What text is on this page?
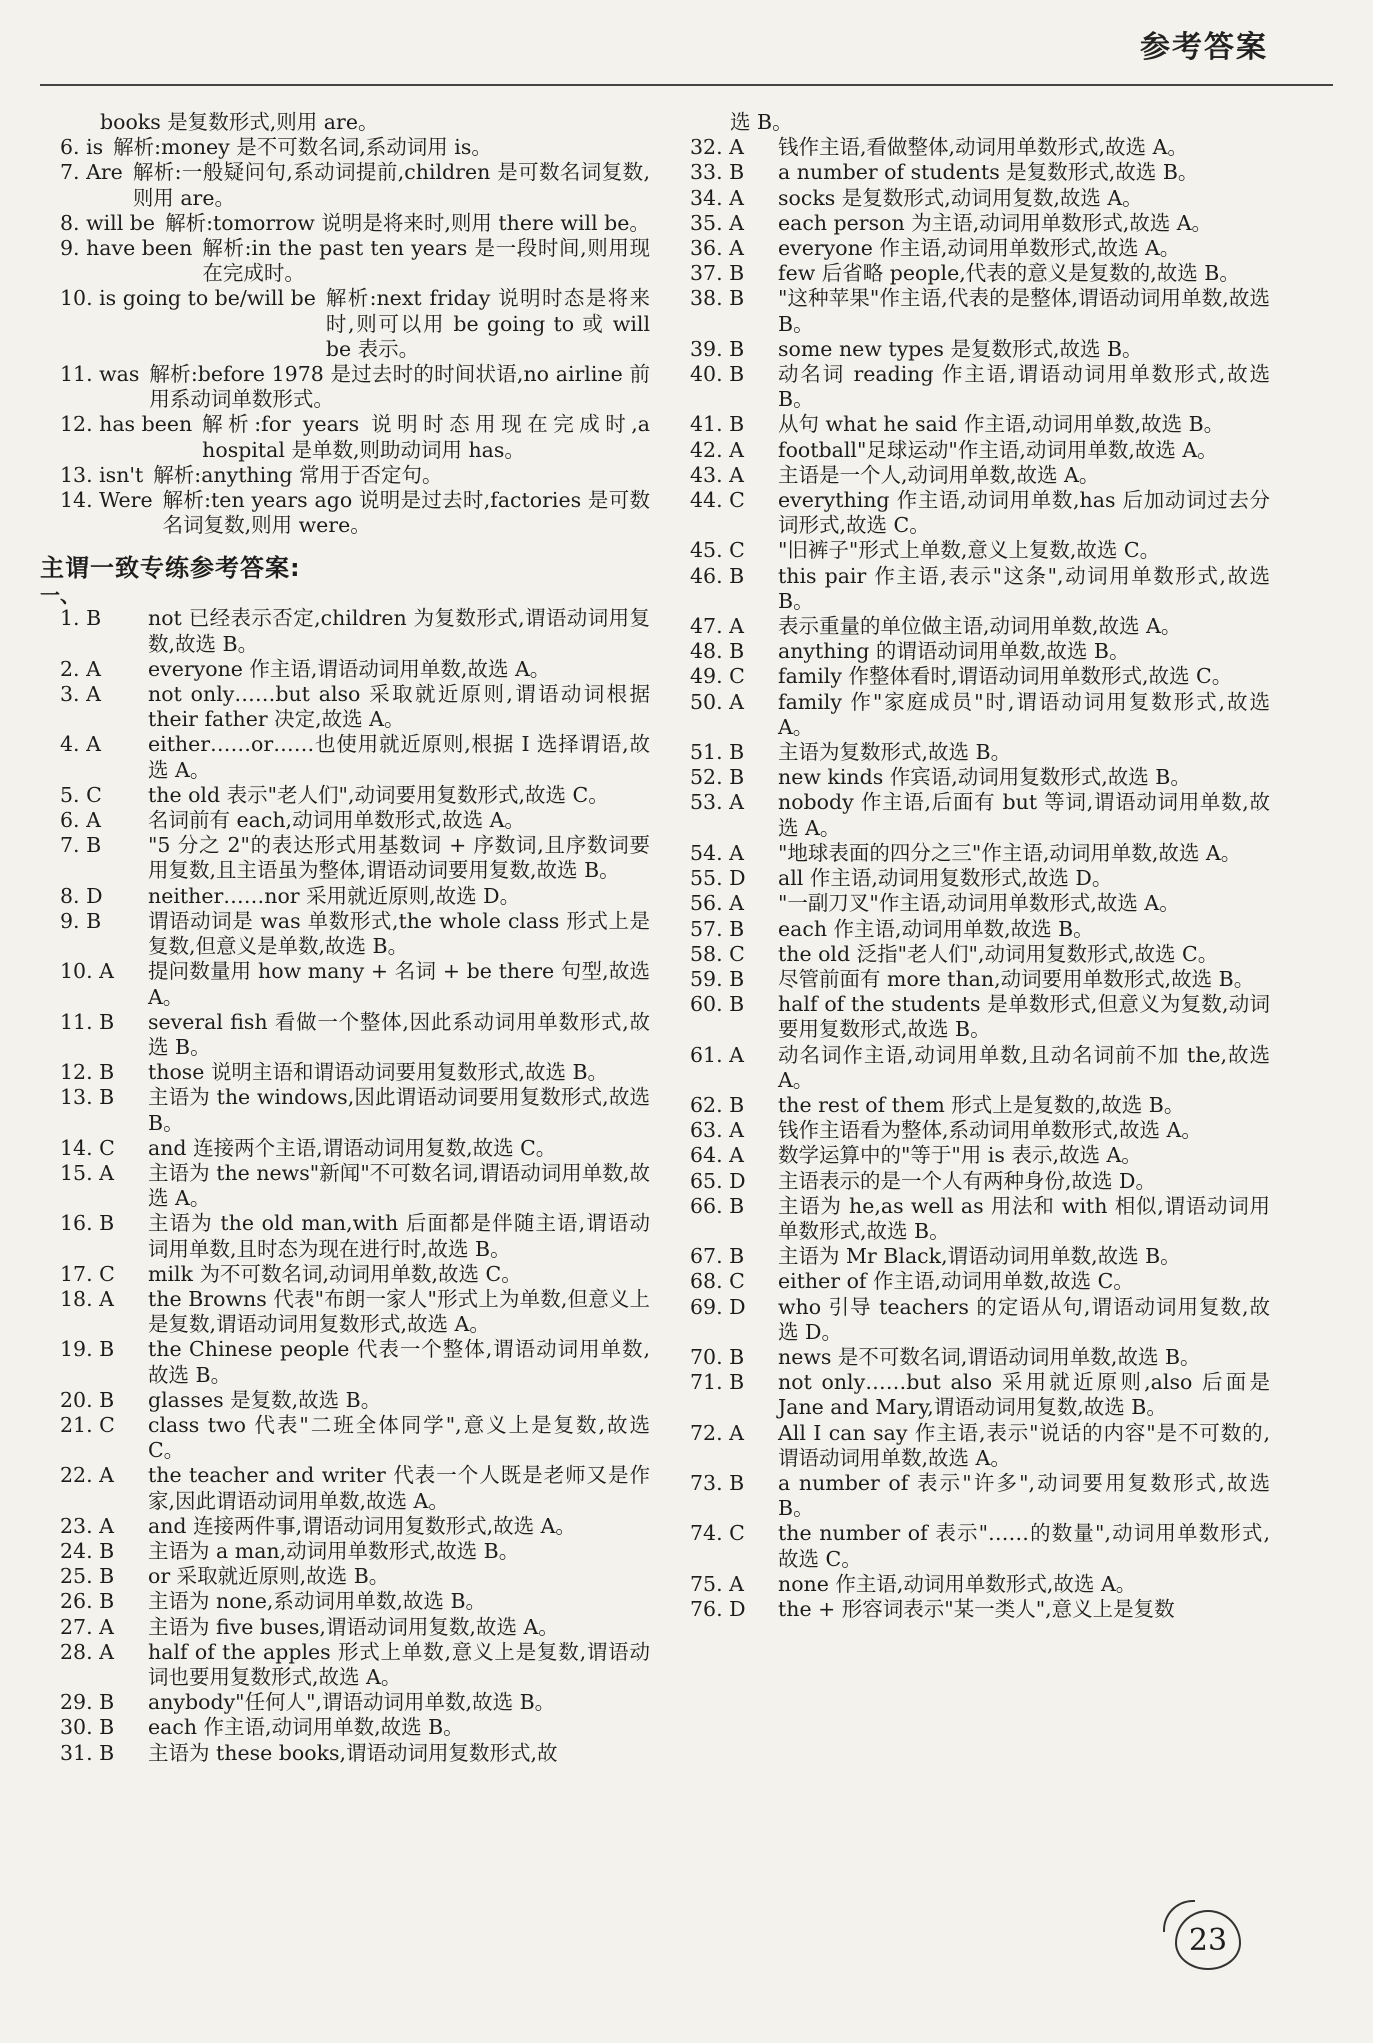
参考答案
books 是复数形式,则用 are。
6. is 解析:money 是不可数名词,系动词用 is。
7. Are 解析:一般疑问句,系动词提前,children 是可数名词复数,则用 are。
8. will be 解析:tomorrow 说明是将来时,则用 there will be。
9. have been 解析:in the past ten years 是一段时间,则用现在完成时。
10. is going to be/will be 解析:next friday 说明时态是将来时,则可以用 be going to 或 will be 表示。
11. was 解析:before 1978 是过去时的时间状语,no airline 前用系动词单数形式。
12. has been 解析:for years 说明时态用现在完成时,a hospital 是单数,则助动词用 has。
13. isn't 解析:anything 常用于否定句。
14. Were 解析:ten years ago 说明是过去时,factories 是可数名词复数,则用 were。
主谓一致专练参考答案:
一、
1. B	not 已经表示否定,children 为复数形式,谓语动词用复数,故选 B。
2. A	everyone 作主语,谓语动词用单数,故选 A。
3. A	not only……but also 采取就近原则,谓语动词根据 their father 决定,故选 A。
4. A	either……or……也使用就近原则,根据 I 选择谓语,故选 A。
5. C	the old 表示"老人们",动词要用复数形式,故选 C。
6. A	名词前有 each,动词用单数形式,故选 A。
7. B	"5 分之 2"的表达形式用基数词 + 序数词,且序数词要用复数,且主语虽为整体,谓语动词要用复数,故选 B。
8. D	neither……nor 采用就近原则,故选 D。
9. B	谓语动词是 was 单数形式,the whole class 形式上是复数,但意义是单数,故选 B。
10. A	提问数量用 how many + 名词 + be there 句型,故选 A。
11. B	several fish 看做一个整体,因此系动词用单数形式,故选 B。
12. B	those 说明主语和谓语动词要用复数形式,故选 B。
13. B	主语为 the windows,因此谓语动词要用复数形式,故选 B。
14. C	and 连接两个主语,谓语动词用复数,故选 C。
15. A	主语为 the news"新闻"不可数名词,谓语动词用单数,故选 A。
16. B	主语为 the old man,with 后面都是伴随主语,谓语动词用单数,且时态为现在进行时,故选 B。
17. C	milk 为不可数名词,动词用单数,故选 C。
18. A	the Browns 代表"布朗一家人"形式上为单数,但意义上是复数,谓语动词用复数形式,故选 A。
19. B	the Chinese people 代表一个整体,谓语动词用单数,故选 B。
20. B	glasses 是复数,故选 B。
21. C	class two 代表"二班全体同学",意义上是复数,故选 C。
22. A	the teacher and writer 代表一个人既是老师又是作家,因此谓语动词用单数,故选 A。
23. A	and 连接两件事,谓语动词用复数形式,故选 A。
24. B	主语为 a man,动词用单数形式,故选 B。
25. B	or 采取就近原则,故选 B。
26. B	主语为 none,系动词用单数,故选 B。
27. A	主语为 five buses,谓语动词用复数,故选 A。
28. A	half of the apples 形式上单数,意义上是复数,谓语动词也要用复数形式,故选 A。
29. B	anybody"任何人",谓语动词用单数,故选 B。
30. B	each 作主语,动词用单数,故选 B。
31. B	主语为 these books,谓语动词用复数形式,故
选 B。
32. A	钱作主语,看做整体,动词用单数形式,故选 A。
33. B	a number of students 是复数形式,故选 B。
34. A	socks 是复数形式,动词用复数,故选 A。
35. A	each person 为主语,动词用单数形式,故选 A。
36. A	everyone 作主语,动词用单数形式,故选 A。
37. B	few 后省略 people,代表的意义是复数的,故选 B。
38. B	"这种苹果"作主语,代表的是整体,谓语动词用单数,故选 B。
39. B	some new types 是复数形式,故选 B。
40. B	动名词 reading 作主语,谓语动词用单数形式,故选 B。
41. B	从句 what he said 作主语,动词用单数,故选 B。
42. A	football"足球运动"作主语,动词用单数,故选 A。
43. A	主语是一个人,动词用单数,故选 A。
44. C	everything 作主语,动词用单数,has 后加动词过去分词形式,故选 C。
45. C	"旧裤子"形式上单数,意义上复数,故选 C。
46. B	this pair 作主语,表示"这条",动词用单数形式,故选 B。
47. A	表示重量的单位做主语,动词用单数,故选 A。
48. B	anything 的谓语动词用单数,故选 B。
49. C	family 作整体看时,谓语动词用单数形式,故选 C。
50. A	family 作"家庭成员"时,谓语动词用复数形式,故选 A。
51. B	主语为复数形式,故选 B。
52. B	new kinds 作宾语,动词用复数形式,故选 B。
53. A	nobody 作主语,后面有 but 等词,谓语动词用单数,故选 A。
54. A	"地球表面的四分之三"作主语,动词用单数,故选 A。
55. D	all 作主语,动词用复数形式,故选 D。
56. A	"一副刀叉"作主语,动词用单数形式,故选 A。
57. B	each 作主语,动词用单数,故选 B。
58. C	the old 泛指"老人们",动词用复数形式,故选 C。
59. B	尽管前面有 more than,动词要用单数形式,故选 B。
60. B	half of the students 是单数形式,但意义为复数,动词要用复数形式,故选 B。
61. A	动名词作主语,动词用单数,且动名词前不加 the,故选 A。
62. B	the rest of them 形式上是复数的,故选 B。
63. A	钱作主语看为整体,系动词用单数形式,故选 A。
64. A	数学运算中的"等于"用 is 表示,故选 A。
65. D	主语表示的是一个人有两种身份,故选 D。
66. B	主语为 he,as well as 用法和 with 相似,谓语动词用单数形式,故选 B。
67. B	主语为 Mr Black,谓语动词用单数,故选 B。
68. C	either of 作主语,动词用单数,故选 C。
69. D	who 引导 teachers 的定语从句,谓语动词用复数,故选 D。
70. B	news 是不可数名词,谓语动词用单数,故选 B。
71. B	not only……but also 采用就近原则,also 后面是 Jane and Mary,谓语动词用复数,故选 B。
72. A	All I can say 作主语,表示"说话的内容"是不可数的,谓语动词用单数,故选 A。
73. B	a number of 表示"许多",动词要用复数形式,故选 B。
74. C	the number of 表示"……的数量",动词用单数形式,故选 C。
75. A	none 作主语,动词用单数形式,故选 A。
76. D	the + 形容词表示"某一类人",意义上是复数
23
